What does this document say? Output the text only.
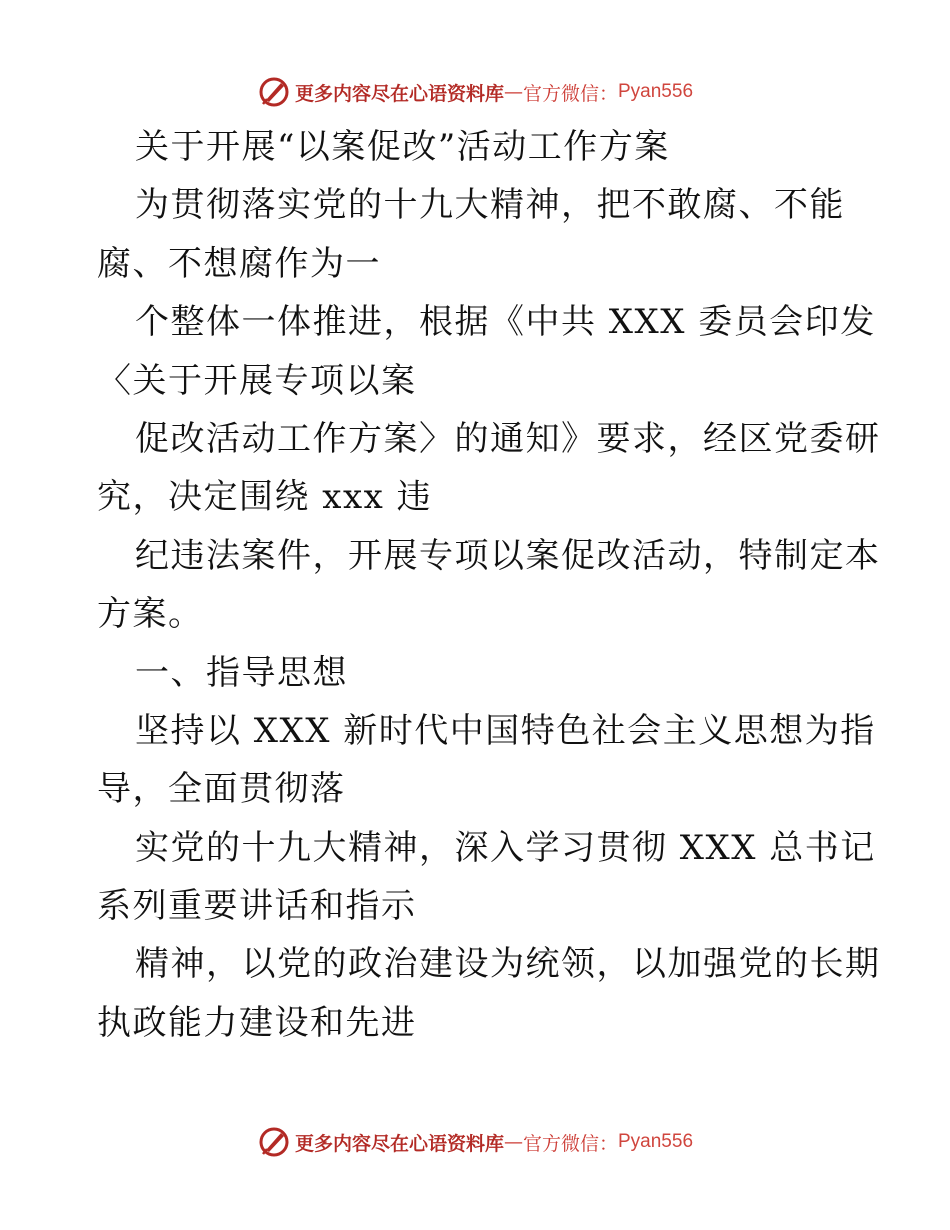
更多内容尽在心语资料库 — 官方微信： Pyan556
关于开展“以案促改”活动工作方案
为贯彻落实党的十九大精神，把不敢腐、不能
腐、不想腐作为一
个整体一体推进，根据《中共 XXX 委员会印发
〈关于开展专项以案
促改活动工作方案〉的通知》要求，经区党委研
究，决定围绕 xxx 违
纪违法案件，开展专项以案促改活动，特制定本
方案。
一、指导思想
坚持以 XXX 新时代中国特色社会主义思想为指
导，全面贯彻落
实党的十九大精神，深入学习贯彻 XXX 总书记
系列重要讲话和指示
精神，以党的政治建设为统领，以加强党的长期
执政能力建设和先进
更多内容尽在心语资料库 — 官方微信： Pyan556
